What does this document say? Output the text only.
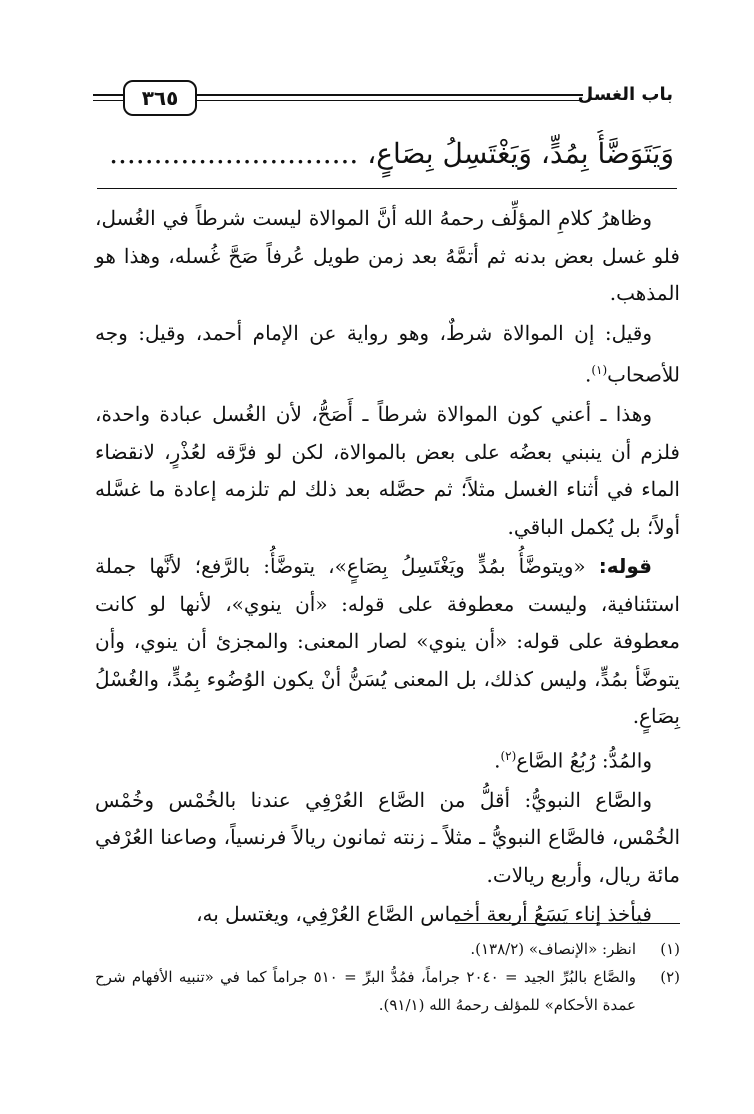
٣٦٥	باب الغسل
وَيَتَوَضَّأُ بِمُدٍّ، وَيَغْتَسِلُ بِصَاعٍ، ............................

وظاهرُ كلامِ المؤلِّف رحمهُ الله أنَّ الموالاة ليست شرطاً في الغُسل، فلو غسل بعض بدنه ثم أتمَّهُ بعد زمن طويل عُرفاً صَحَّ غُسله، وهذا هو المذهب.

وقيل: إن الموالاة شرطٌ، وهو رواية عن الإمام أحمد، وقيل: وجه للأصحاب$^{(١)}$.

وهذا ـ أعني كون الموالاة شرطاً ـ أَصَحُّ، لأن الغُسل عبادة واحدة، فلزم أن ينبني بعضُه على بعض بالموالاة، لكن لو فرَّقه لعُذْرٍ، لانقضاء الماء في أثناء الغسل مثلاً؛ ثم حصَّله بعد ذلك لم تلزمه إعادة ما غسَّله أولاً؛ بل يُكمل الباقي.

قوله: «ويتوضَّأُ بمُدٍّ ويَغْتَسِلُ بِصَاعٍ»، يتوضَّأُ: بالرَّفع؛ لأنَّها جملة استئنافية، وليست معطوفة على قوله: «أن ينوي»، لأنها لو كانت معطوفة على قوله: «أن ينوي» لصار المعنى: والمجزئ أن ينوي، وأن يتوضَّأ بمُدٍّ، وليس كذلك، بل المعنى يُسَنُّ أنْ يكون الوُضُوء بِمُدٍّ، والغُسْلُ بِصَاعٍ.

والمُدُّ: رُبُعُ الصَّاع$^{(٢)}$.

والصَّاع النبويُّ: أقلُّ من الصَّاع العُرْفِي عندنا بالخُمْس وخُمْس الخُمْس، فالصَّاع النبويُّ ـ مثلاً ـ زنته ثمانون ريالاً فرنسياً، وصاعنا العُرْفي مائة ريال، وأربع ريالات.

فيأخذ إناء يَسَعُ أربعة أخماس الصَّاع العُرْفِي، ويغتسل به،

(١)
انظر: «الإنصاف» (١٣٨/٢).
(٢)
والصَّاع بالبُرِّ الجيد = ٢٠٤٠ جراماً، فمُدُّ البرِّ = ٥١٠ جراماً كما في «تنبيه الأفهام شرح عمدة الأحكام» للمؤلف رحمهُ الله (٩١/١).
